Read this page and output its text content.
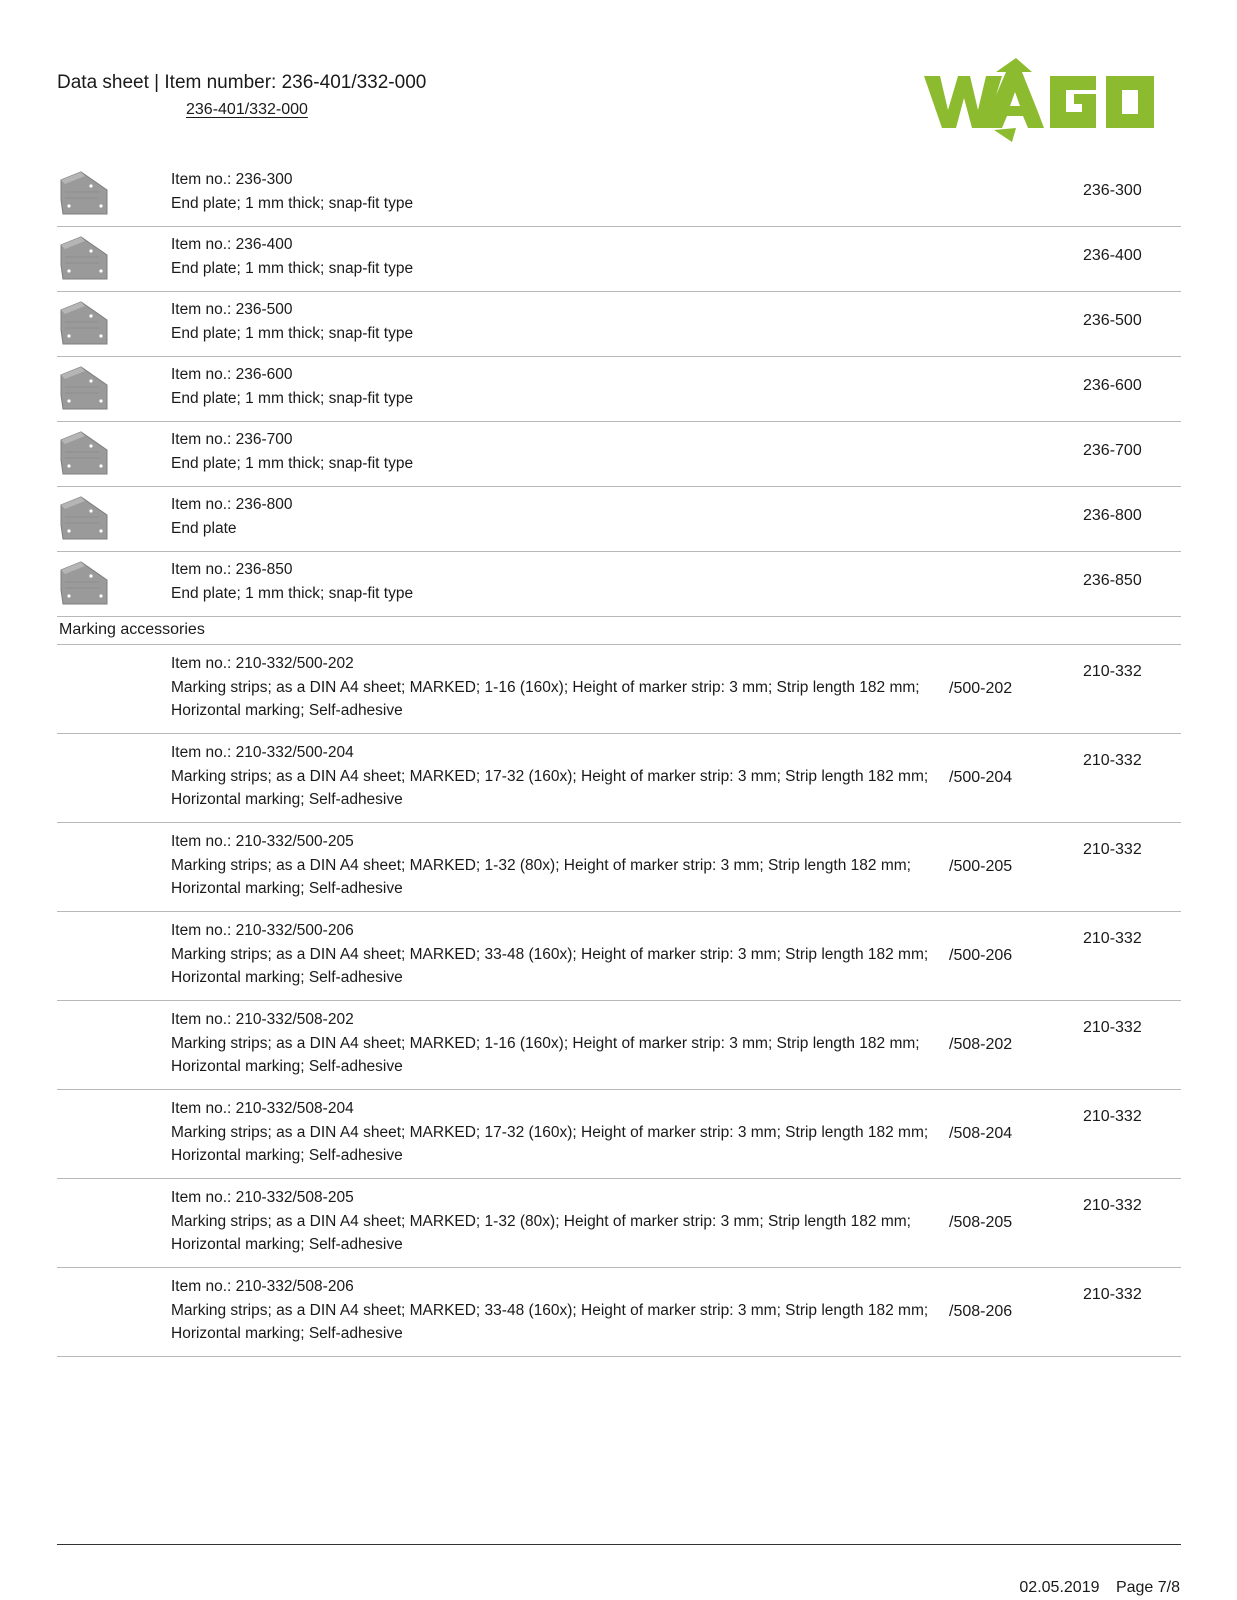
Data sheet | Item number: 236-401/332-000
236-401/332-000
Item no.: 236-300
End plate; 1 mm thick; snap-fit type
236-300
Item no.: 236-400
End plate; 1 mm thick; snap-fit type
236-400
Item no.: 236-500
End plate; 1 mm thick; snap-fit type
236-500
Item no.: 236-600
End plate; 1 mm thick; snap-fit type
236-600
Item no.: 236-700
End plate; 1 mm thick; snap-fit type
236-700
Item no.: 236-800
End plate
236-800
Item no.: 236-850
End plate; 1 mm thick; snap-fit type
236-850
Marking accessories
Item no.: 210-332/500-202
Marking strips; as a DIN A4 sheet; MARKED; 1-16 (160x); Height of marker strip: 3 mm; Strip length 182 mm; Horizontal marking; Self-adhesive
/500-202
210-332
Item no.: 210-332/500-204
Marking strips; as a DIN A4 sheet; MARKED; 17-32 (160x); Height of marker strip: 3 mm; Strip length 182 mm; Horizontal marking; Self-adhesive
/500-204
210-332
Item no.: 210-332/500-205
Marking strips; as a DIN A4 sheet; MARKED; 1-32 (80x); Height of marker strip: 3 mm; Strip length 182 mm; Horizontal marking; Self-adhesive
/500-205
210-332
Item no.: 210-332/500-206
Marking strips; as a DIN A4 sheet; MARKED; 33-48 (160x); Height of marker strip: 3 mm; Strip length 182 mm; Horizontal marking; Self-adhesive
/500-206
210-332
Item no.: 210-332/508-202
Marking strips; as a DIN A4 sheet; MARKED; 1-16 (160x); Height of marker strip: 3 mm; Strip length 182 mm; Horizontal marking; Self-adhesive
/508-202
210-332
Item no.: 210-332/508-204
Marking strips; as a DIN A4 sheet; MARKED; 17-32 (160x); Height of marker strip: 3 mm; Strip length 182 mm; Horizontal marking; Self-adhesive
/508-204
210-332
Item no.: 210-332/508-205
Marking strips; as a DIN A4 sheet; MARKED; 1-32 (80x); Height of marker strip: 3 mm; Strip length 182 mm; Horizontal marking; Self-adhesive
/508-205
210-332
Item no.: 210-332/508-206
Marking strips; as a DIN A4 sheet; MARKED; 33-48 (160x); Height of marker strip: 3 mm; Strip length 182 mm; Horizontal marking; Self-adhesive
/508-206
210-332
02.05.2019 Page 7/8
